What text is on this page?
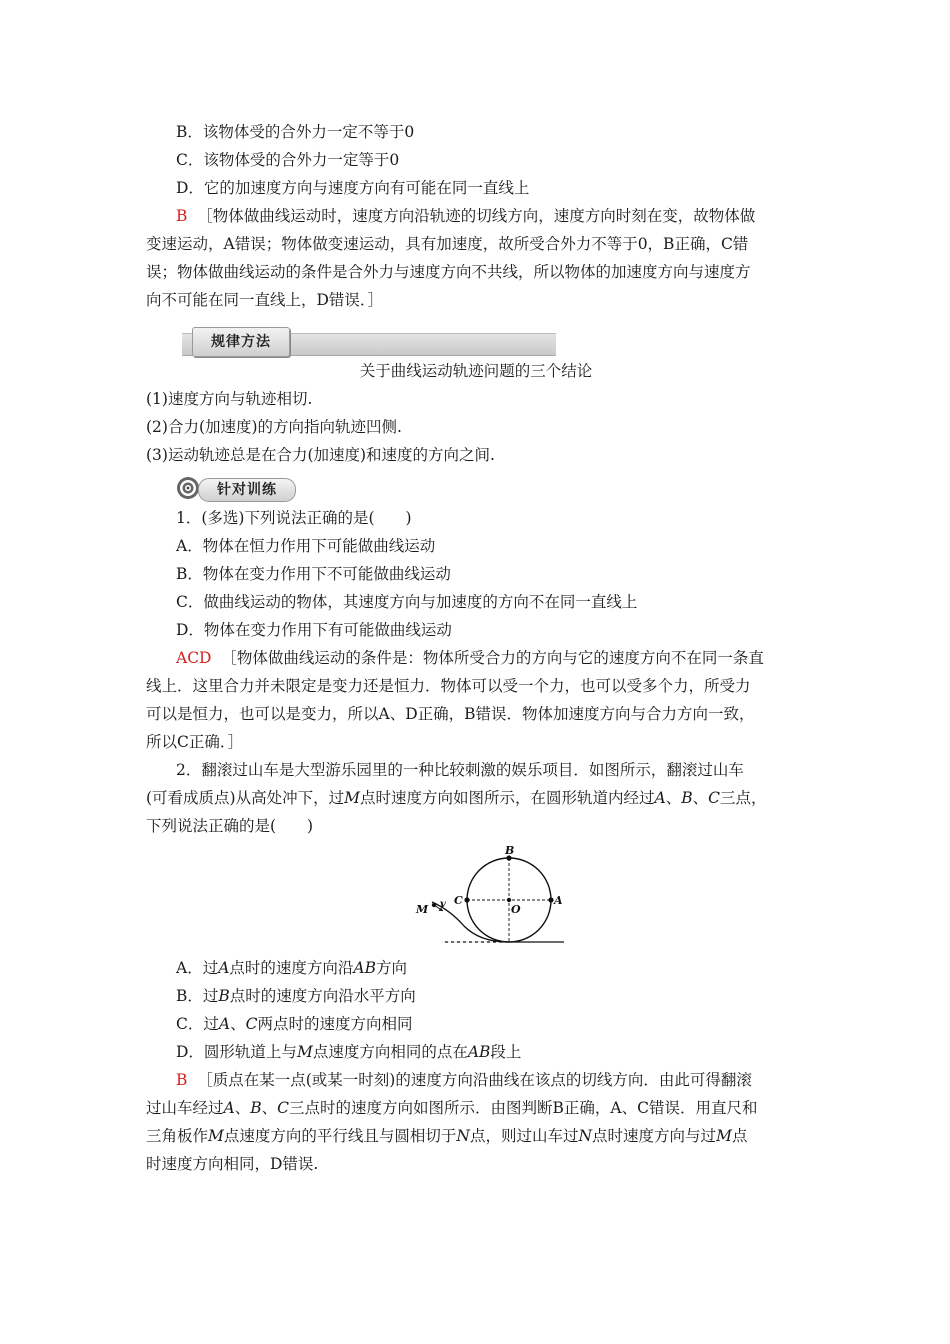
B．该物体受的合外力一定不等于0
C．该物体受的合外力一定等于0
D．它的加速度方向与速度方向有可能在同一直线上
B ［物体做曲线运动时，速度方向沿轨迹的切线方向，速度方向时刻在变，故物体做
变速运动，A错误；物体做变速运动，具有加速度，故所受合外力不等于0，B正确，C错
误；物体做曲线运动的条件是合外力与速度方向不共线，所以物体的加速度方向与速度方
向不可能在同一直线上，D错误．］
规律方法
关于曲线运动轨迹问题的三个结论
(1)速度方向与轨迹相切.
(2)合力(加速度)的方向指向轨迹凹侧.
(3)运动轨迹总是在合力(加速度)和速度的方向之间.
针对训练
1．(多选)下列说法正确的是(　　)
A．物体在恒力作用下可能做曲线运动
B．物体在变力作用下不可能做曲线运动
C．做曲线运动的物体，其速度方向与加速度的方向不在同一直线上
D．物体在变力作用下有可能做曲线运动
ACD ［物体做曲线运动的条件是：物体所受合力的方向与它的速度方向不在同一条直
线上．这里合力并未限定是变力还是恒力．物体可以受一个力，也可以受多个力，所受力
可以是恒力，也可以是变力，所以A、D正确，B错误．物体加速度方向与合力方向一致，
所以C正确．］
2．翻滚过山车是大型游乐园里的一种比较刺激的娱乐项目．如图所示，翻滚过山车
(可看成质点)从高处冲下，过M点时速度方向如图所示，在圆形轨道内经过A、B、C三点，
下列说法正确的是(　　)
B
A
C
O
M v
A．过A点时的速度方向沿AB方向
B．过B点时的速度方向沿水平方向
C．过A、C两点时的速度方向相同
D．圆形轨道上与M点速度方向相同的点在AB段上
B ［质点在某一点(或某一时刻)的速度方向沿曲线在该点的切线方向．由此可得翻滚
过山车经过A、B、C三点时的速度方向如图所示．由图判断B正确，A、C错误．用直尺和
三角板作M点速度方向的平行线且与圆相切于N点，则过山车过N点时速度方向与过M点
时速度方向相同，D错误.
